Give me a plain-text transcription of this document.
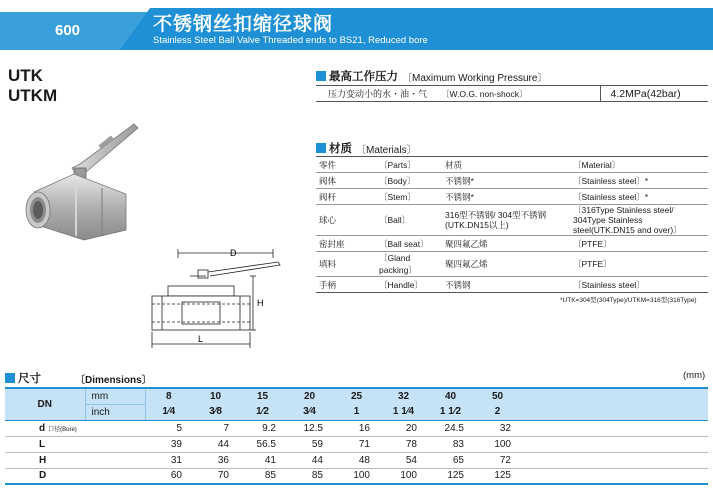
600	不锈钢丝扣缩径球阀
Stainless Steel Ball Valve Threaded ends to BS21, Reduced bore
UTK
UTKM
最高工作压力 〔Maximum Working Pressure〕
压力变动小的水・油・气 〔W.O.G. non-shock〕	4.2MPa(42bar)
材质 〔Materials〕
零件	〔Parts〕	材质	〔Material〕
阀体	〔Body〕	不锈钢*	〔Stainless steel〕*
阀杆	〔Stem〕	不锈钢*	〔Stainless steel〕*
球心	〔Ball〕	316型不锈钢/ 304型不锈钢(UTK.DN15以上)	〔316Type Stainless steel/ 304Type Stainless steel(UTK.DN15 and over)〕
密封座	〔Ball seat〕	聚四氟乙烯	〔PTFE〕
填料	〔Gland packing〕	聚四氟乙烯	〔PTFE〕
手柄	〔Handle〕	不锈钢	〔Stainless steel〕
*UTK=304型(304Type)/UTKM=316型(316Type)
D
H
L
尺寸	〔Dimensions〕	(mm)
DN	mm	8	10	15	20	25	32	40	50	
	inch	1⁄4	3⁄8	1⁄2	3⁄4	1	1 1⁄4	1 1⁄2	2	
d 口径(Bore)		5	7	9.2	12.5	16	20	24.5	32	
L		39	44	56.5	59	71	78	83	100	
H		31	36	41	44	48	54	65	72	
D		60	70	85	85	100	100	125	125	
